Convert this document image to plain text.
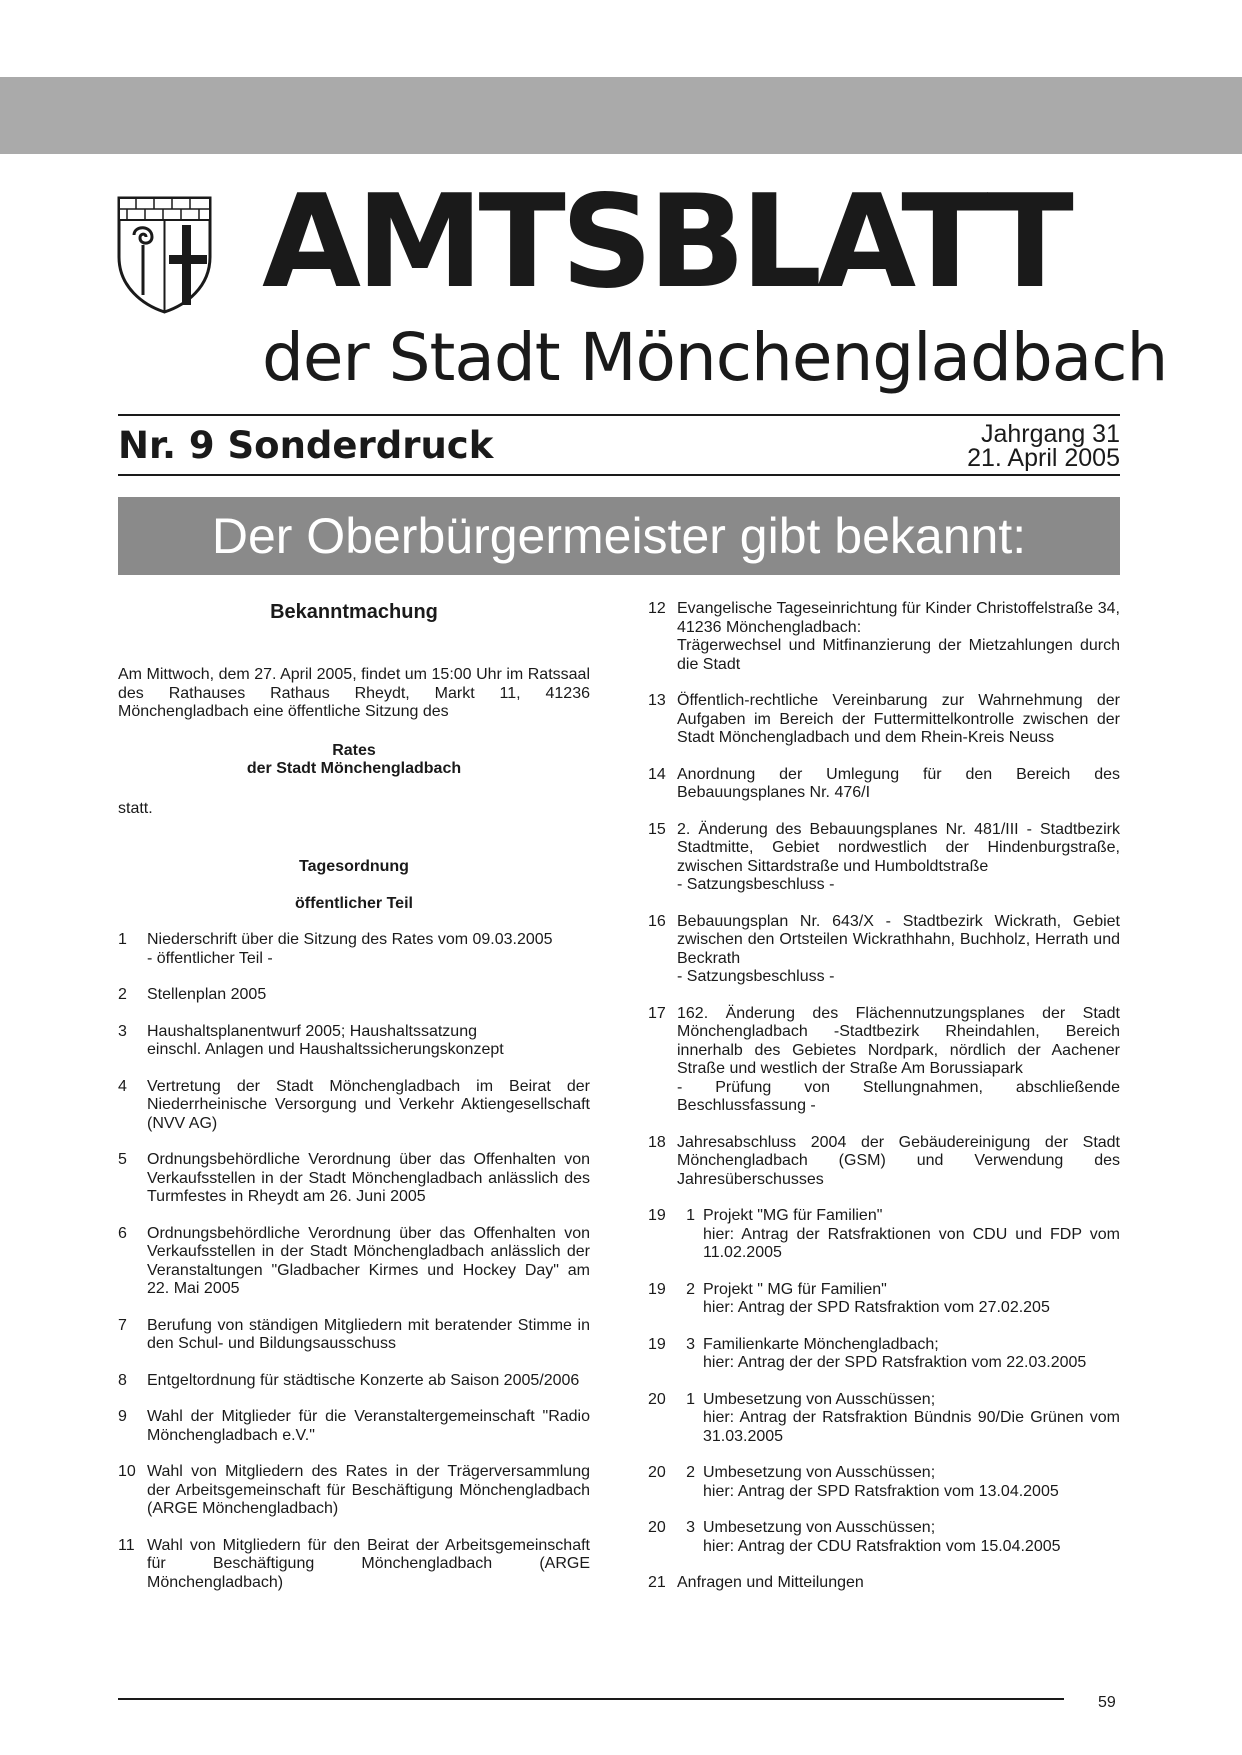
AMTSBLATT
der Stadt Mönchengladbach
Nr. 9 Sonderdruck	Jahrgang 31
21. April 2005
Der Oberbürgermeister gibt bekannt:
Bekanntmachung
Am Mittwoch, dem 27. April 2005, findet um 15:00 Uhr im Ratssaal des Rathauses Rathaus Rheydt, Markt 11, 41236 Mönchengladbach eine öffentliche Sitzung des
Rates
der Stadt Mönchengladbach
statt.
Tagesordnung
öffentlicher Teil
1	Niederschrift über die Sitzung des Rates vom 09.03.2005
- öffentlicher Teil -
2	Stellenplan 2005
3	Haushaltsplanentwurf 2005; Haushaltssatzung
einschl. Anlagen und Haushaltssicherungskonzept
4	Vertretung der Stadt Mönchengladbach im Beirat der Niederrheinische Versorgung und Verkehr Aktiengesellschaft (NVV AG)
5	Ordnungsbehördliche Verordnung über das Offenhalten von Verkaufsstellen in der Stadt Mönchengladbach anlässlich des Turmfestes in Rheydt am 26. Juni 2005
6	Ordnungsbehördliche Verordnung über das Offenhalten von Verkaufsstellen in der Stadt Mönchengladbach anlässlich der Veranstaltungen "Gladbacher Kirmes und Hockey Day" am 22. Mai 2005
7	Berufung von ständigen Mitgliedern mit beratender Stimme in den Schul- und Bildungsausschuss
8	Entgeltordnung für städtische Konzerte ab Saison 2005/2006
9	Wahl der Mitglieder für die Veranstaltergemeinschaft "Radio Mönchengladbach e.V."
10 Wahl von Mitgliedern des Rates in der Trägerversammlung der Arbeitsgemeinschaft für Beschäftigung Mönchengladbach (ARGE Mönchengladbach)
11 Wahl von Mitgliedern für den Beirat der Arbeitsgemeinschaft für Beschäftigung Mönchengladbach (ARGE Mönchengladbach)
12 Evangelische Tageseinrichtung für Kinder Christoffelstraße 34, 41236 Mönchengladbach:
Trägerwechsel und Mitfinanzierung der Mietzahlungen durch die Stadt
13 Öffentlich-rechtliche Vereinbarung zur Wahrnehmung der Aufgaben im Bereich der Futtermittelkontrolle zwischen der Stadt Mönchengladbach und dem Rhein-Kreis Neuss
14 Anordnung der Umlegung für den Bereich des Bebauungsplanes Nr. 476/I
15 2. Änderung des Bebauungsplanes Nr. 481/III - Stadtbezirk Stadtmitte, Gebiet nordwestlich der Hindenburgstraße, zwischen Sittardstraße und Humboldtstraße
- Satzungsbeschluss -
16 Bebauungsplan Nr. 643/X - Stadtbezirk Wickrath, Gebiet zwischen den Ortsteilen Wickrathhahn, Buchholz, Herrath und Beckrath
- Satzungsbeschluss -
17 162. Änderung des Flächennutzungsplanes der Stadt Mönchengladbach -Stadtbezirk Rheindahlen, Bereich innerhalb des Gebietes Nordpark, nördlich der Aachener Straße und westlich der Straße Am Borussiapark
- Prüfung von Stellungnahmen, abschließende Beschlussfassung -
18 Jahresabschluss 2004 der Gebäudereinigung der Stadt Mönchengladbach (GSM) und Verwendung des Jahresüberschusses
19	1 Projekt "MG für Familien"
hier: Antrag der Ratsfraktionen von CDU und FDP vom 11.02.2005
19	2 Projekt " MG für Familien"
hier: Antrag der SPD Ratsfraktion vom 27.02.205
19	3 Familienkarte Mönchengladbach;
hier: Antrag der der SPD Ratsfraktion vom 22.03.2005
20	1 Umbesetzung von Ausschüssen;
hier: Antrag der Ratsfraktion Bündnis 90/Die Grünen vom 31.03.2005
20	2 Umbesetzung von Ausschüssen;
hier: Antrag der SPD Ratsfraktion vom 13.04.2005
20	3 Umbesetzung von Ausschüssen;
hier: Antrag der CDU Ratsfraktion vom 15.04.2005
21 Anfragen und Mitteilungen
59
